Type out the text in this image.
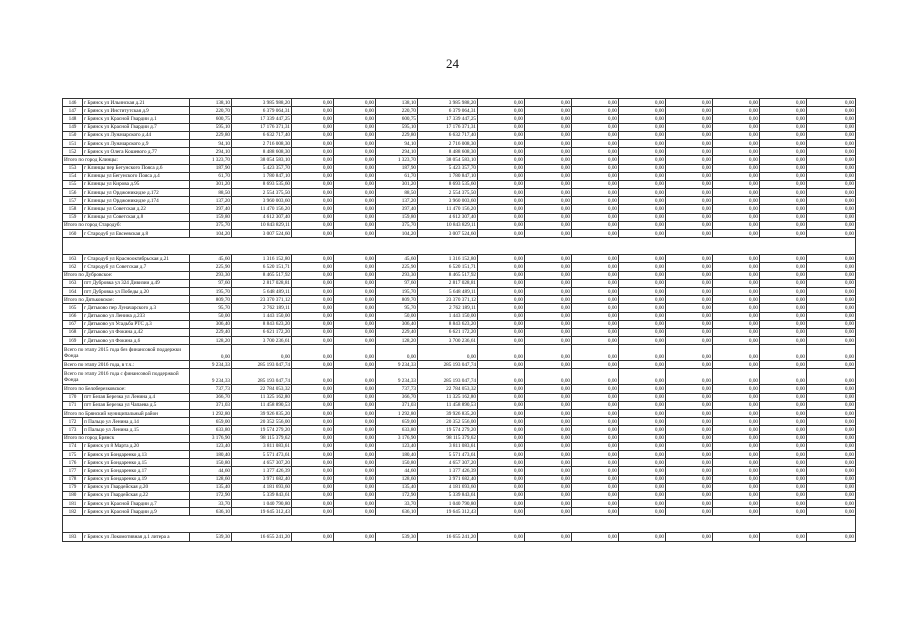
24
146	г Брянск ул Ильинская д.21	138,10	3 985 988,20	0,00	0,00	138,10	3 985 988,20	0,00	0,00	0,00	0,00	0,00	0,00	0,00	0,00
147	г Брянск ул Институтская д.9	220,70	6 379 064,31	0,00	0,00	220,70	6 379 064,31	0,00	0,00	0,00	0,00	0,00	0,00	0,00	0,00
148	г Брянск ул Красной Гвардии д.1	600,75	17 339 447,25	0,00	0,00	600,75	17 339 447,25	0,00	0,00	0,00	0,00	0,00	0,00	0,00	0,00
149	г Брянск ул Красной Гвардии д.7	595,10	17 176 371,31	0,00	0,00	595,10	17 176 371,31	0,00	0,00	0,00	0,00	0,00	0,00	0,00	0,00
150	г Брянск ул Луначарского д.44	229,80	6 632 717,40	0,00	0,00	229,80	6 632 717,40	0,00	0,00	0,00	0,00	0,00	0,00	0,00	0,00
151	г Брянск ул Луначарского д.9	94,10	2 716 008,30	0,00	0,00	94,10	2 716 008,30	0,00	0,00	0,00	0,00	0,00	0,00	0,00	0,00
152	г Брянск ул Олега Кошевого д.77	294,10	8 488 608,30	0,00	0,00	294,10	8 488 608,30	0,00	0,00	0,00	0,00	0,00	0,00	0,00	0,00
Итого по город Клинцы:		1 323,70	38 054 583,10	0,00	0,00	1 323,70	38 054 583,10	0,00	0,00	0,00	0,00	0,00	0,00	0,00	0,00
153	г Клинцы пер Бегунского Пояса д.6	187,90	5 423 357,70	0,00	0,00	187,90	5 423 357,70	0,00	0,00	0,00	0,00	0,00	0,00	0,00	0,00
154	г Клинцы ул Бегунского Пояса д.4	61,70	1 780 847,10	0,00	0,00	61,70	1 780 847,10	0,00	0,00	0,00	0,00	0,00	0,00	0,00	0,00
155	г Клинцы ул Кирова д.95	301,20	8 693 535,60	0,00	0,00	301,20	8 693 535,60	0,00	0,00	0,00	0,00	0,00	0,00	0,00	0,00
156	г Клинцы ул Орджоникидзе д.172	88,50	2 554 375,50	0,00	0,00	88,50	2 554 375,50	0,00	0,00	0,00	0,00	0,00	0,00	0,00	0,00
157	г Клинцы ул Орджоникидзе д.174	137,20	3 960 003,60	0,00	0,00	137,20	3 960 003,60	0,00	0,00	0,00	0,00	0,00	0,00	0,00	0,00
158	г Клинцы ул Советская д.22	397,40	11 470 156,20	0,00	0,00	397,40	11 470 156,20	0,00	0,00	0,00	0,00	0,00	0,00	0,00	0,00
159	г Клинцы ул Советская д.8	159,80	4 612 307,40	0,00	0,00	159,80	4 612 307,40	0,00	0,00	0,00	0,00	0,00	0,00	0,00	0,00
Итого по город Стародуб:		375,70	10 843 829,11	0,00	0,00	375,70	10 843 829,11	0,00	0,00	0,00	0,00	0,00	0,00	0,00	0,00
160	г Стародуб ул Евсеевская д.8	104,20	3 007 524,60	0,00	0,00	104,20	3 007 524,60	0,00	0,00	0,00	0,00	0,00	0,00	0,00	0,00

163	г Стародуб ул Краснооктябрьская д.21	45,60	1 316 152,80	0,00	0,00	45,60	1 316 152,80	0,00	0,00	0,00	0,00	0,00	0,00	0,00	0,00
162	г Стародуб ул Советская д.7	225,90	6 520 151,71	0,00	0,00	225,90	6 520 151,71	0,00	0,00	0,00	0,00	0,00	0,00	0,00	0,00
Итого по Дубровское:		293,30	8 465 517,92	0,00	0,00	293,30	8 465 517,92	0,00	0,00	0,00	0,00	0,00	0,00	0,00	0,00
163	пгт Дубровка ул 324 Дивизии д.49	97,60	2 817 028,81	0,00	0,00	97,60	2 817 028,81	0,00	0,00	0,00	0,00	0,00	0,00	0,00	0,00
164	пгт Дубровка ул Победы д.20	195,70	5 648 489,11	0,00	0,00	195,70	5 648 489,11	0,00	0,00	0,00	0,00	0,00	0,00	0,00	0,00
Итого по Дятьковское:		809,70	23 370 371,12	0,00	0,00	809,70	23 370 371,12	0,00	0,00	0,00	0,00	0,00	0,00	0,00	0,00
165	г Дятьково пер Луначарского д.3	95,70	2 762 189,11	0,00	0,00	95,70	2 762 189,11	0,00	0,00	0,00	0,00	0,00	0,00	0,00	0,00
166	г Дятьково ул Ленина д.233	50,00	1 443 150,00	0,00	0,00	50,00	1 443 150,00	0,00	0,00	0,00	0,00	0,00	0,00	0,00	0,00
167	г Дятьково ул Усадьба РТС д.3	306,40	8 843 623,20	0,00	0,00	306,40	8 843 623,20	0,00	0,00	0,00	0,00	0,00	0,00	0,00	0,00
168	г Дятьково ул Фокина д.42	229,40	6 621 172,20	0,00	0,00	229,40	6 621 172,20	0,00	0,00	0,00	0,00	0,00	0,00	0,00	0,00
169	г Дятьково ул Фокина д.6	128,20	3 700 236,61	0,00	0,00	128,20	3 700 236,61	0,00	0,00	0,00	0,00	0,00	0,00	0,00	0,00

Всего по этапу 2015 года без финансовой поддержки
Фонда		0,00	0,00	0,00	0,00	0,00	0,00	0,00	0,00	0,00	0,00	0,00	0,00	0,00	0,00
Всего по этапу 2016 года, в т.ч.:		9 234,33	285 193 047,74	0,00	0,00	9 234,33	285 193 047,74	0,00	0,00	0,00	0,00	0,00	0,00	0,00	0,00

Всего по этапу 2016 года с финансовой поддержкой
Фонда		9 234,33	285 193 047,74	0,00	0,00	9 234,33	285 193 047,74	0,00	0,00	0,00	0,00	0,00	0,00	0,00	0,00
Итого по Белоберезковское:		737,73	22 784 053,32	0,00	0,00	737,73	22 784 053,32	0,00	0,00	0,00	0,00	0,00	0,00	0,00	0,00
170	пгт Белая Березка ул Ленина д.4	366,70	11 325 162,80	0,00	0,00	366,70	11 325 162,80	0,00	0,00	0,00	0,00	0,00	0,00	0,00	0,00
171	пгт Белая Березка ул Чапаева д.5	371,03	11 458 890,53	0,00	0,00	371,03	11 458 890,53	0,00	0,00	0,00	0,00	0,00	0,00	0,00	0,00
Итого по Брянский муниципальный район		1 292,80	39 926 835,20	0,00	0,00	1 292,80	39 926 835,20	0,00	0,00	0,00	0,00	0,00	0,00	0,00	0,00
172	п Пальцо ул Ленина д.14	659,00	20 352 556,00	0,00	0,00	659,00	20 352 556,00	0,00	0,00	0,00	0,00	0,00	0,00	0,00	0,00
173	п Пальцо ул Ленина д.15	633,80	19 574 279,20	0,00	0,00	633,80	19 574 279,20	0,00	0,00	0,00	0,00	0,00	0,00	0,00	0,00
Итого по город Брянск		3 176,90	98 115 379,62	0,00	0,00	3 176,90	98 115 379,62	0,00	0,00	0,00	0,00	0,00	0,00	0,00	0,00
174	г Брянск ул 8 Марта д.20	123,40	3 811 083,61	0,00	0,00	123,40	3 811 083,61	0,00	0,00	0,00	0,00	0,00	0,00	0,00	0,00
175	г Брянск ул Бондаренко д.13	180,40	5 571 473,61	0,00	0,00	180,40	5 571 473,61	0,00	0,00	0,00	0,00	0,00	0,00	0,00	0,00
176	г Брянск ул Бондаренко д.15	150,80	4 657 307,20	0,00	0,00	150,80	4 657 307,20	0,00	0,00	0,00	0,00	0,00	0,00	0,00	0,00
177	г Брянск ул Бондаренко д.17	44,60	1 377 426,39	0,00	0,00	44,60	1 377 426,39	0,00	0,00	0,00	0,00	0,00	0,00	0,00	0,00
178	г Брянск ул Бондаренко д.19	128,60	3 971 682,40	0,00	0,00	128,60	3 971 682,40	0,00	0,00	0,00	0,00	0,00	0,00	0,00	0,00
179	г Брянск ул Гвардейская д.20	135,40	4 181 693,60	0,00	0,00	135,40	4 181 693,60	0,00	0,00	0,00	0,00	0,00	0,00	0,00	0,00
180	г Брянск ул Гвардейская д.22	172,90	5 339 843,61	0,00	0,00	172,90	5 339 843,61	0,00	0,00	0,00	0,00	0,00	0,00	0,00	0,00
181	г Брянск ул Красной Гвардии д.7	33,70	1 040 790,80	0,00	0,00	33,70	1 040 790,80	0,00	0,00	0,00	0,00	0,00	0,00	0,00	0,00
182	г Брянск ул Красной Гвардии д.9	636,10	19 645 312,43	0,00	0,00	636,10	19 645 312,43	0,00	0,00	0,00	0,00	0,00	0,00	0,00	0,00

183	г Брянск ул Локомотивная д.1 литера а	539,30	16 655 241,20	0,00	0,00	539,30	16 655 241,20	0,00	0,00	0,00	0,00	0,00	0,00	0,00	0,00
